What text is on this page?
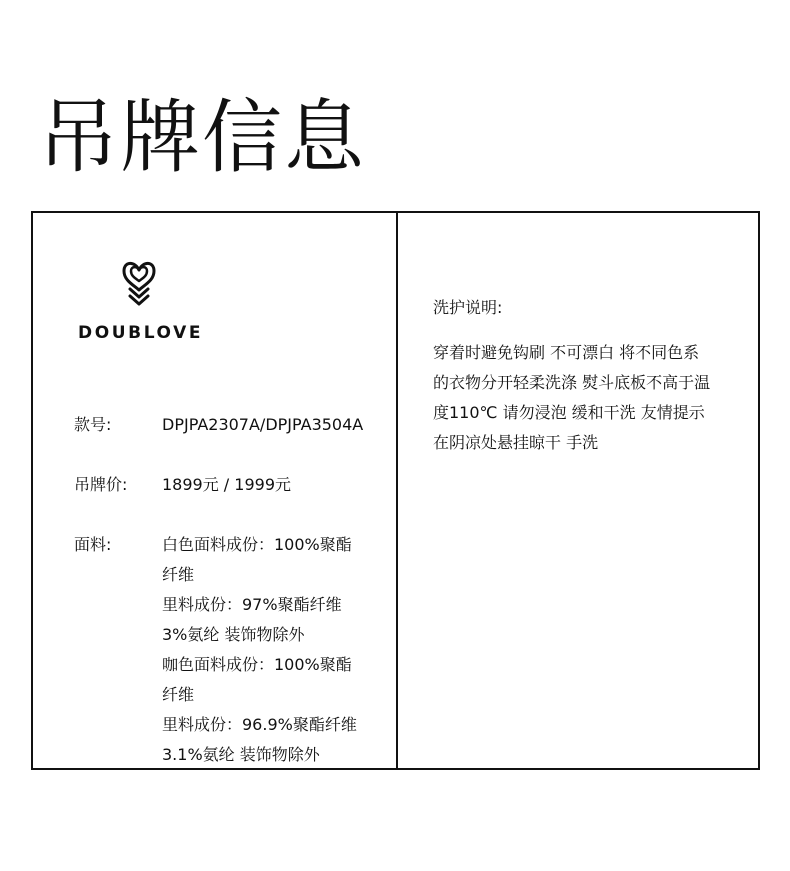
吊牌信息
DOUBLOVE
款号:	DPJPA2307A/DPJPA3504A
吊牌价: 1899元 / 1999元
面料:	白色面料成份：100%聚酯
纤维
里料成份：97%聚酯纤维
3%氨纶 装饰物除外
咖色面料成份：100%聚酯
纤维
里料成份：96.9%聚酯纤维
3.1%氨纶 装饰物除外
洗护说明:
穿着时避免钩刷 不可漂白 将不同色系
的衣物分开轻柔洗涤 熨斗底板不高于温
度110℃ 请勿浸泡 缓和干洗 友情提示
在阴凉处悬挂晾干 手洗
